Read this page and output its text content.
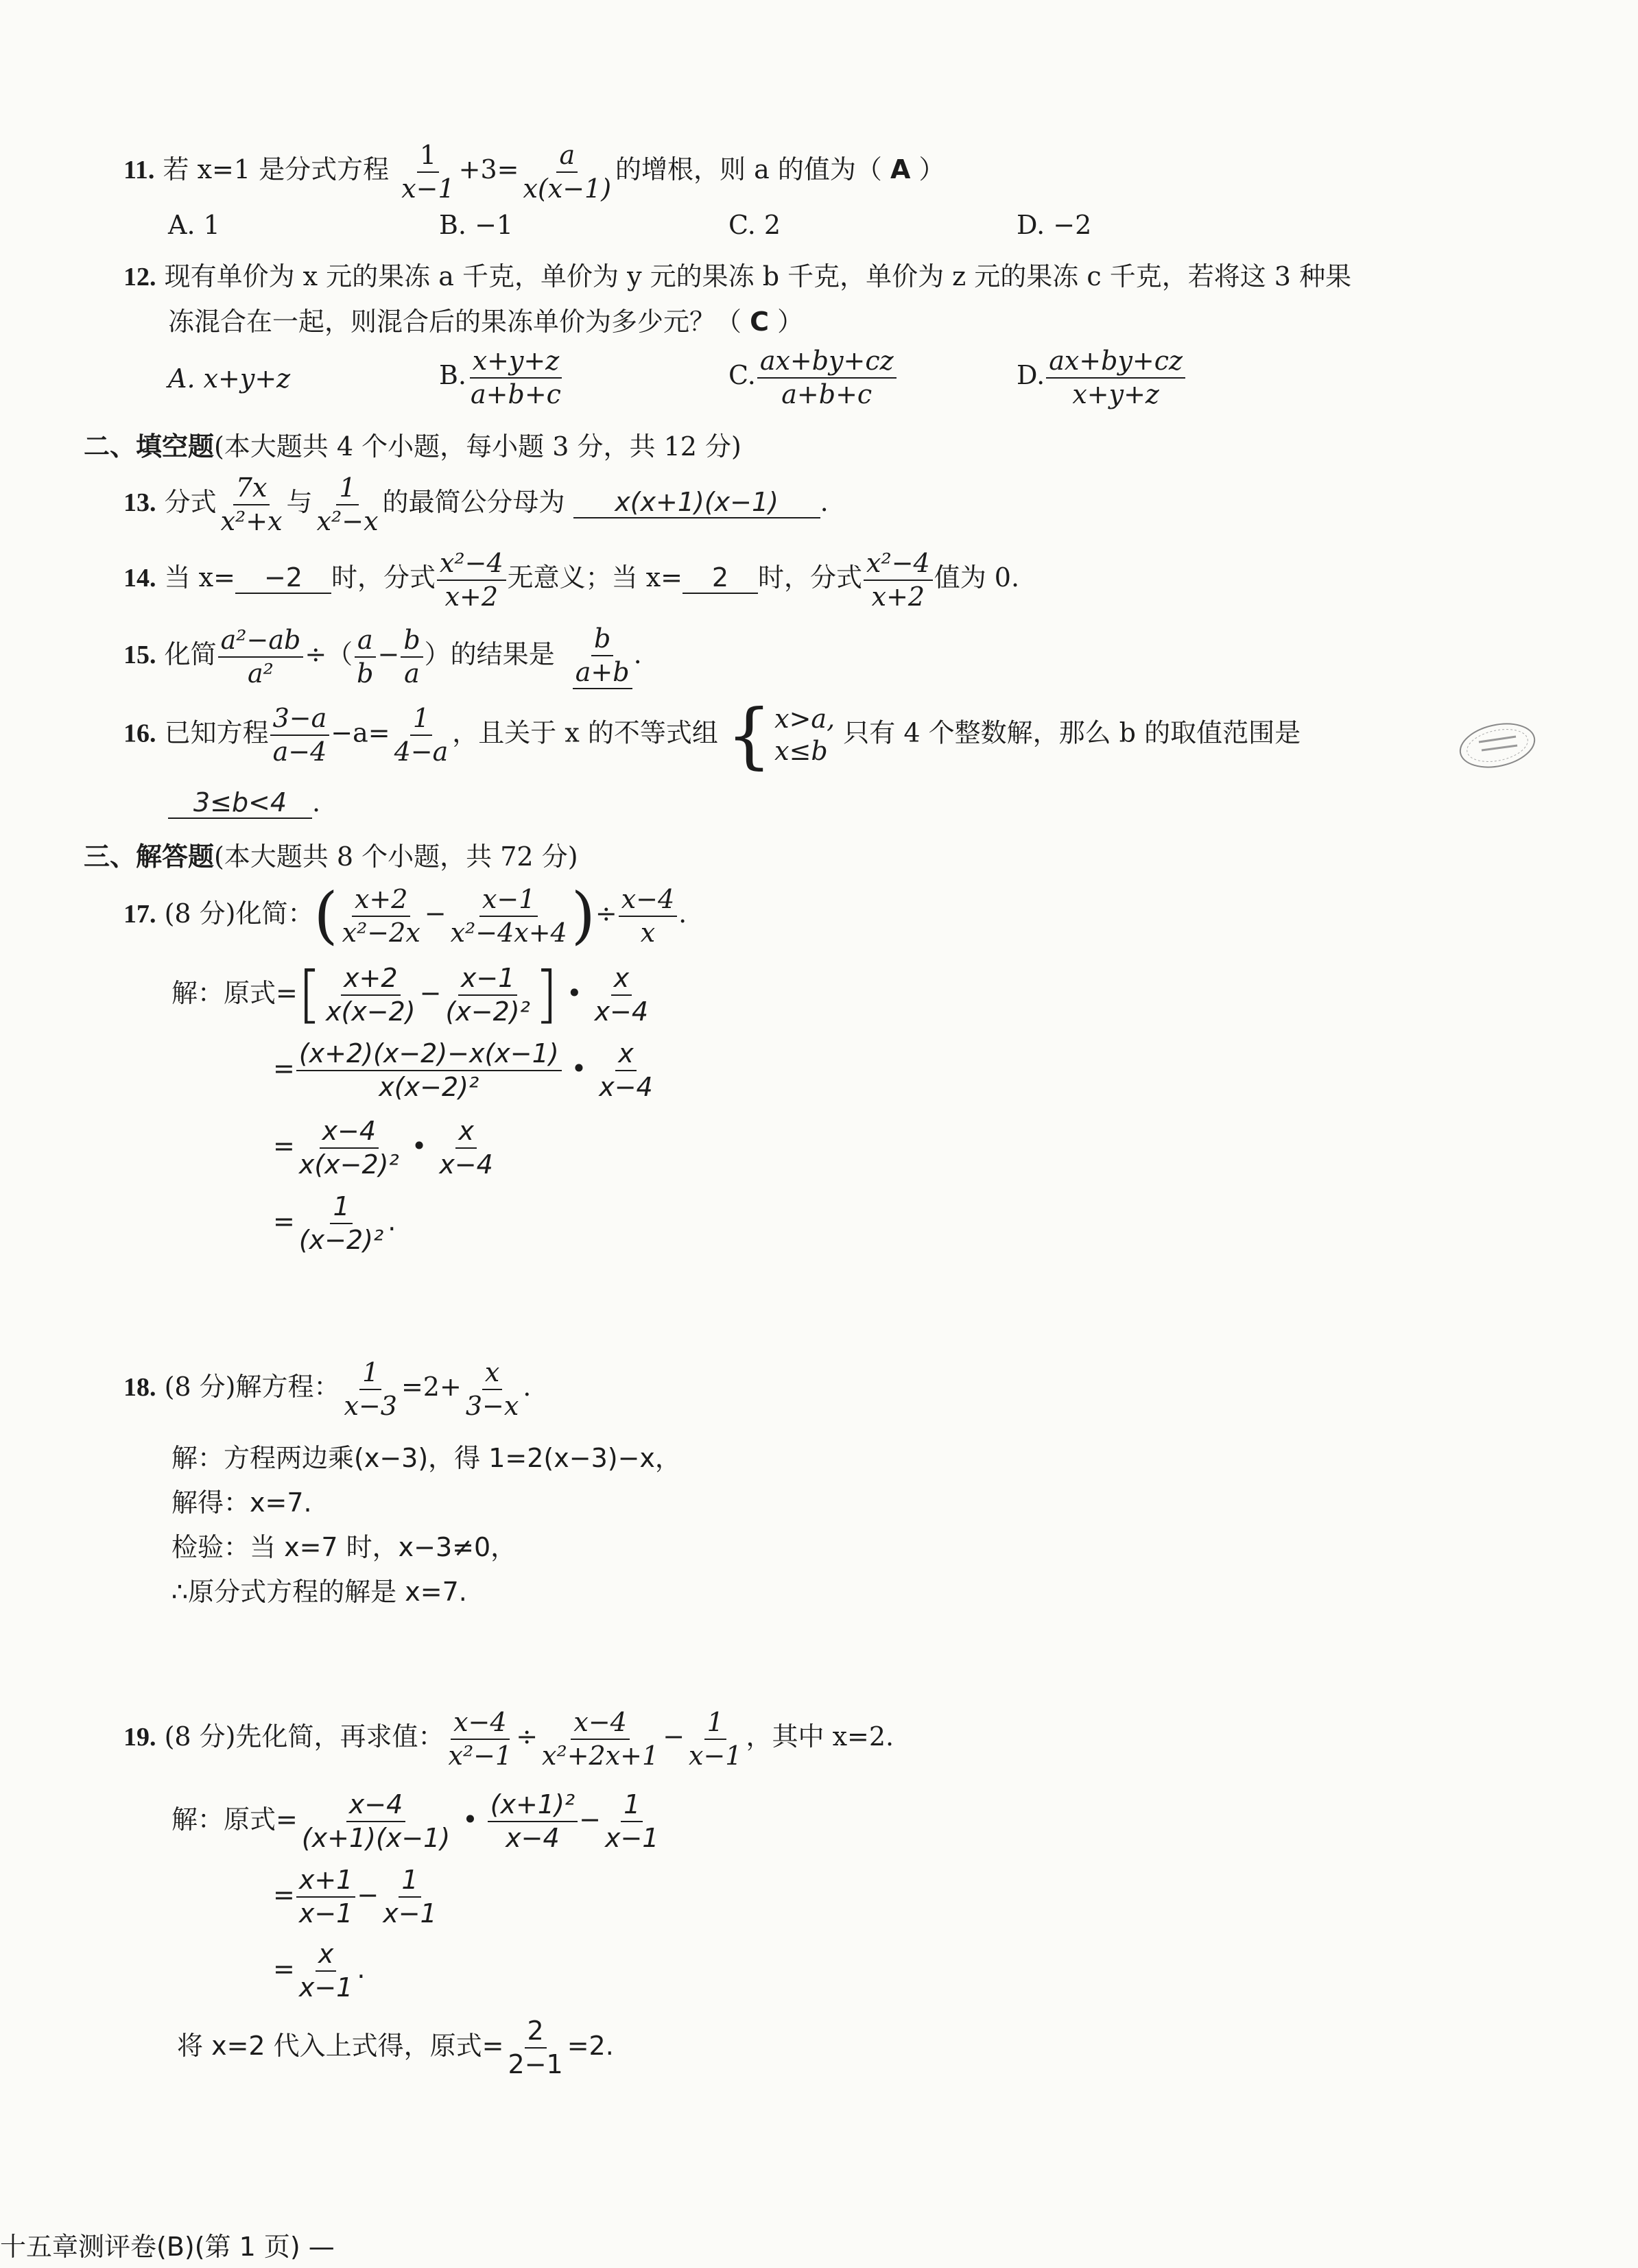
11. 若 x=1 是分式方程 $\frac{1}{x-1} +3= \frac{a}{x(x-1)}$ 的增根，则 a 的值为（ A ）
A. 1	B. −1	C. 2	D. −2
12. 现有单价为 x 元的果冻 a 千克，单价为 y 元的果冻 b 千克，单价为 z 元的果冻 c 千克，若将这 3 种果
冻混合在一起，则混合后的果冻单价为多少元？（ C ）
A. x+y+z	B. $\frac{x+y+z}{a+b+c}$	C. $\frac{ax+by+cz}{a+b+c}$	D. $\frac{ax+by+cz}{x+y+z}$
二、填空题(本大题共 4 个小题，每小题 3 分，共 12 分)
13. 分式 $\frac{7x}{\text{x²+x}}$ 与 $\frac{1}{\text{x²−x}}$ 的最简公分母为 x(x+1)(x−1) .
14. 当 x= −2 时，分式 $\frac{\text{x²−4}}{x+2}$ 无意义；当 x= 2 时，分式 $\frac{\text{x²−4}}{x+2}$ 值为 0.
15. 化简 $\frac{\text{a²−ab}}{\text{a²}}$ ÷（ $\frac{a}{b} - \frac{b}{a}$ ）的结果是 $\frac{b}{a+b}$ .
16. 已知方程 $\frac{3-a}{a-4} -a= \frac{1}{4-a}$ ，且关于 x 的不等式组 { x>a,
x≤b
只有 4 个整数解，那么 b 的取值范围是
3≤b<4 .
三、解答题(本大题共 8 个小题，共 72 分)
17. (8 分)化简：( $\frac{x+2}{\text{x²−2x}} - \frac{x-1}{\text{x²−4x+4}}$ )÷ $\frac{x-4}{x}$ .
解：原式=[ $\frac{x+2}{x(x-2)} - \frac{x-1}{\text{(x−2)²}}$ ] • $\frac{x}{x-4}$
= $\frac{(x+2)(x-2)-x(x-1)}{\text{x(x−2)²}}$ • $\frac{x}{x-4}$
= $\frac{x-4}{\text{x(x−2)²}}$ • $\frac{x}{x-4}$
= $\frac{1}{\text{(x−2)²}}$ .
18. (8 分)解方程： $\frac{1}{x-3} =2+ \frac{x}{3-x}$ .
解：方程两边乘(x−3)，得 1=2(x−3)−x，
解得：x=7.
检验：当 x=7 时，x−3≠0，
∴原分式方程的解是 x=7.
19. (8 分)先化简，再求值： $\frac{x-4}{\text{x²−1}} \div \frac{x-4}{\text{x²+2x+1}} - \frac{1}{x-1}$ ，其中 x=2.
解：原式= $\frac{x-4}{(x+1)(x-1)}$ • $\frac{\text{(x+1)²}}{x-4} - \frac{1}{x-1}$
= $\frac{x+1}{x-1} - \frac{1}{x-1}$
= $\frac{x}{x-1}$ .
将 x=2 代入上式得，原式= $\frac{2}{2-1} =2$.
十五章测评卷(B)(第 1 页) —
